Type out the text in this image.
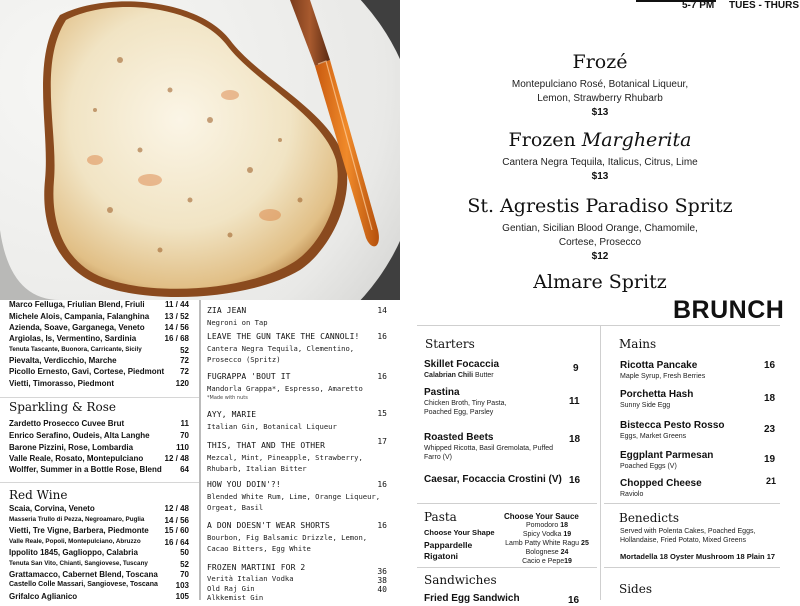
5-7 PM TUES - THURS
Frozé
Montepulciano Rosé, Botanical Liqueur, Lemon, Strawberry Rhubarb
$13
Frozen Margherita
Cantera Negra Tequila, Italicus, Citrus, Lime
$13
St. Agrestis Paradiso Spritz
Gentian, Sicilian Blood Orange, Chamomile, Cortese, Prosecco
$12
Almare Spritz
Marco Felluga, Friulian Blend, Friuli	11 / 44
Michele Alois, Campania, Falanghina	13 / 52
Azienda, Soave, Garganega, Veneto	14 / 56
Argiolas, Is, Vermentino, Sardinia	16 / 68
Tenuta Tascante, Buonora, Carricante, Sicily	52
Pievalta, Verdicchio, Marche	72
Picollo Ernesto, Gavi, Cortese, Piedmont	72
Vietti, Timorasso, Piedmont	120
Sparkling & Rose
Zardetto Prosecco Cuvee Brut	11
Enrico Serafino, Oudeis, Alta Langhe	70
Barone Pizzini, Rose, Lombardia	110
Valle Reale, Rosato, Montepulciano	12 / 48
Wolffer, Summer in a Bottle Rose, Blend	64
Red Wine
Scaia, Corvina, Veneto	12 / 48
Masseria Trullo di Pezza, Negroamaro, Puglia	14 / 56
Vietti, Tre Vigne, Barbera, Piedmonte	15 / 60
Valle Reale, Popoli, Montepulciano, Abruzzo	16 / 64
Ippolito 1845, Gaglioppo, Calabria	50
Tenuta San Vito, Chianti, Sangiovese, Tuscany	52
Grattamacco, Cabernet Blend, Toscana	70
Castello Colle Massari, Sangiovese, Toscana	103
Grifalco Aglianico	105
ZIA JEAN
Negroni on Tap
14
LEAVE THE GUN TAKE THE CANNOLI!
Cantera Negra Tequila, Clementino, Prosecco (Spritz)
16
FUGRAPPA 'BOUT IT
Mandorla Grappa*, Espresso, Amaretto
*Made with nuts
16
AYY, MARIE
Italian Gin, Botanical Liqueur
15
THIS, THAT AND THE OTHER
Mezcal, Mint, Pineapple, Strawberry, Rhubarb, Italian Bitter
17
HOW YOU DOIN'?!
Blended White Rum, Lime, Orange Liqueur, Orgeat, Basil
16
A DON DOESN'T WEAR SHORTS
Bourbon, Fig Balsamic Drizzle, Lemon, Cacao Bitters, Egg White
16
FROZEN MARTINI FOR 2
Verità Italian Vodka
Old Raj Gin
Alkkemist Gin
36
38
40
BRUNCH
Starters
Skillet Focaccia
Calabrian Chili Butter
9
Pastina
Chicken Broth, Tiny Pasta, Poached Egg, Parsley
11
Roasted Beets
Whipped Ricotta, Basil Gremolata, Puffed Farro (V)
18
Caesar, Focaccia Crostini (V) 16
Mains
Ricotta Pancake
Maple Syrup, Fresh Berries
16
Porchetta Hash
Sunny Side Egg
18
Bistecca Pesto Rosso
Eggs, Market Greens
23
Eggplant Parmesan
Poached Eggs (V)
19
Chopped Cheese
Raviolo
21
Pasta
Choose Your Shape
Pappardelle
Rigatoni
Choose Your Sauce
Pomodoro 18
Spicy Vodka 19
Lamb Patty White Ragu 25
Bolognese 24
Cacio e Pepe19
Benedicts
Served with Polenta Cakes, Poached Eggs, Hollandaise, Fried Potato, Mixed Greens
Mortadella 18 Oyster Mushroom 18 Plain 17
Sandwiches
Fried Egg Sandwich	16
Sides
